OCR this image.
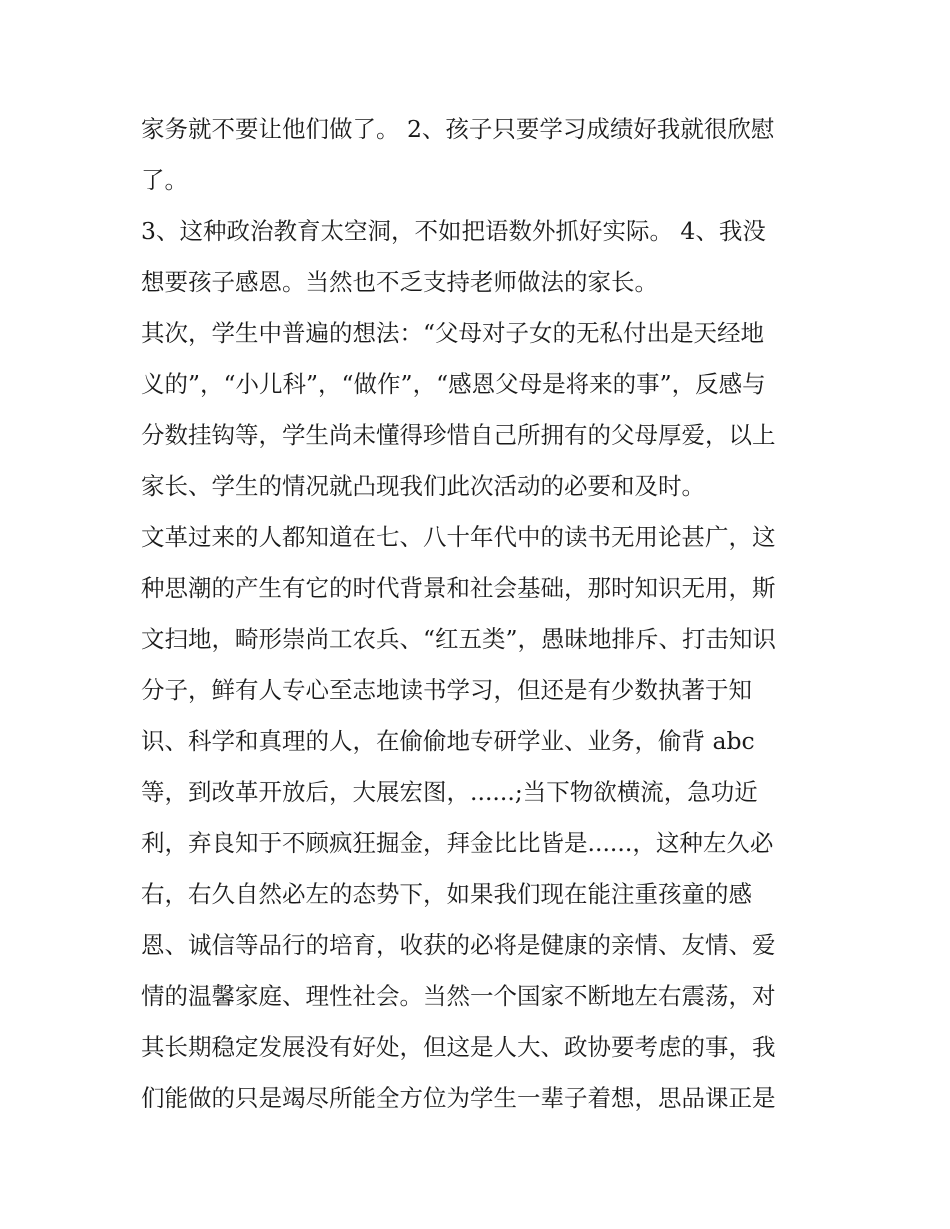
家务就不要让他们做了。 2、孩子只要学习成绩好我就很欣慰
了。
3、这种政治教育太空洞，不如把语数外抓好实际。 4、我没
想要孩子感恩。当然也不乏支持老师做法的家长。
其次，学生中普遍的想法：“父母对子女的无私付出是天经地
义的”，“小儿科”，“做作”，“感恩父母是将来的事”，反感与
分数挂钩等，学生尚未懂得珍惜自己所拥有的父母厚爱，以上
家长、学生的情况就凸现我们此次活动的必要和及时。
文革过来的人都知道在七、八十年代中的读书无用论甚广，这
种思潮的产生有它的时代背景和社会基础，那时知识无用，斯
文扫地，畸形崇尚工农兵、“红五类”，愚昧地排斥、打击知识
分子，鲜有人专心至志地读书学习，但还是有少数执著于知
识、科学和真理的人，在偷偷地专研学业、业务，偷背 abc
等，到改革开放后，大展宏图，......;当下物欲横流，急功近
利，弃良知于不顾疯狂掘金，拜金比比皆是......，这种左久必
右，右久自然必左的态势下，如果我们现在能注重孩童的感
恩、诚信等品行的培育，收获的必将是健康的亲情、友情、爱
情的温馨家庭、理性社会。当然一个国家不断地左右震荡，对
其长期稳定发展没有好处，但这是人大、政协要考虑的事，我
们能做的只是竭尽所能全方位为学生一辈子着想，思品课正是
